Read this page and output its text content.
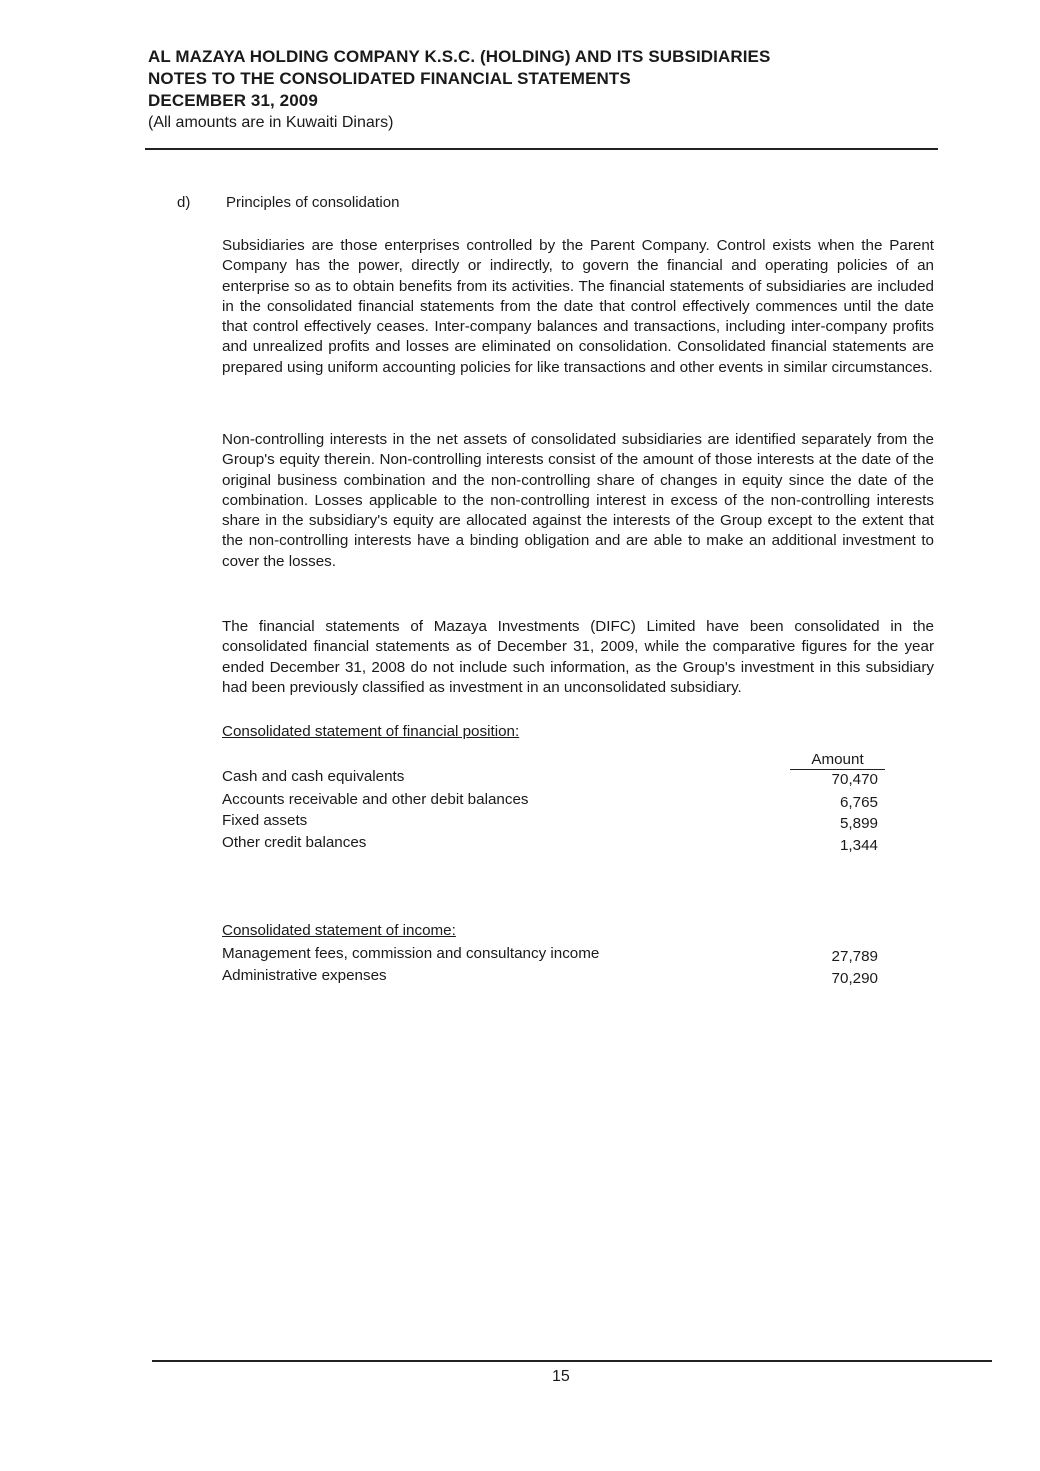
AL MAZAYA HOLDING COMPANY K.S.C. (HOLDING) AND ITS SUBSIDIARIES
NOTES TO THE CONSOLIDATED FINANCIAL STATEMENTS
DECEMBER 31, 2009
(All amounts are in Kuwaiti Dinars)
d) Principles of consolidation

Subsidiaries are those enterprises controlled by the Parent Company. Control exists when the Parent Company has the power, directly or indirectly, to govern the financial and operating policies of an enterprise so as to obtain benefits from its activities. The financial statements of subsidiaries are included in the consolidated financial statements from the date that control effectively commences until the date that control effectively ceases. Inter-company balances and transactions, including inter-company profits and unrealized profits and losses are eliminated on consolidation. Consolidated financial statements are prepared using uniform accounting policies for like transactions and other events in similar circumstances.

Non-controlling interests in the net assets of consolidated subsidiaries are identified separately from the Group's equity therein. Non-controlling interests consist of the amount of those interests at the date of the original business combination and the non-controlling share of changes in equity since the date of the combination. Losses applicable to the non-controlling interest in excess of the non-controlling interests share in the subsidiary's equity are allocated against the interests of the Group except to the extent that the non-controlling interests have a binding obligation and are able to make an additional investment to cover the losses.

The financial statements of Mazaya Investments (DIFC) Limited have been consolidated in the consolidated financial statements as of December 31, 2009, while the comparative figures for the year ended December 31, 2008 do not include such information, as the Group's investment in this subsidiary had been previously classified as investment in an unconsolidated subsidiary.

Consolidated statement of financial position:
Amount
Cash and cash equivalents	70,470
Accounts receivable and other debit balances	6,765
Fixed assets	5,899
Other credit balances	1,344
Consolidated statement of income:
Management fees, commission and consultancy income	27,789
Administrative expenses	70,290
15
